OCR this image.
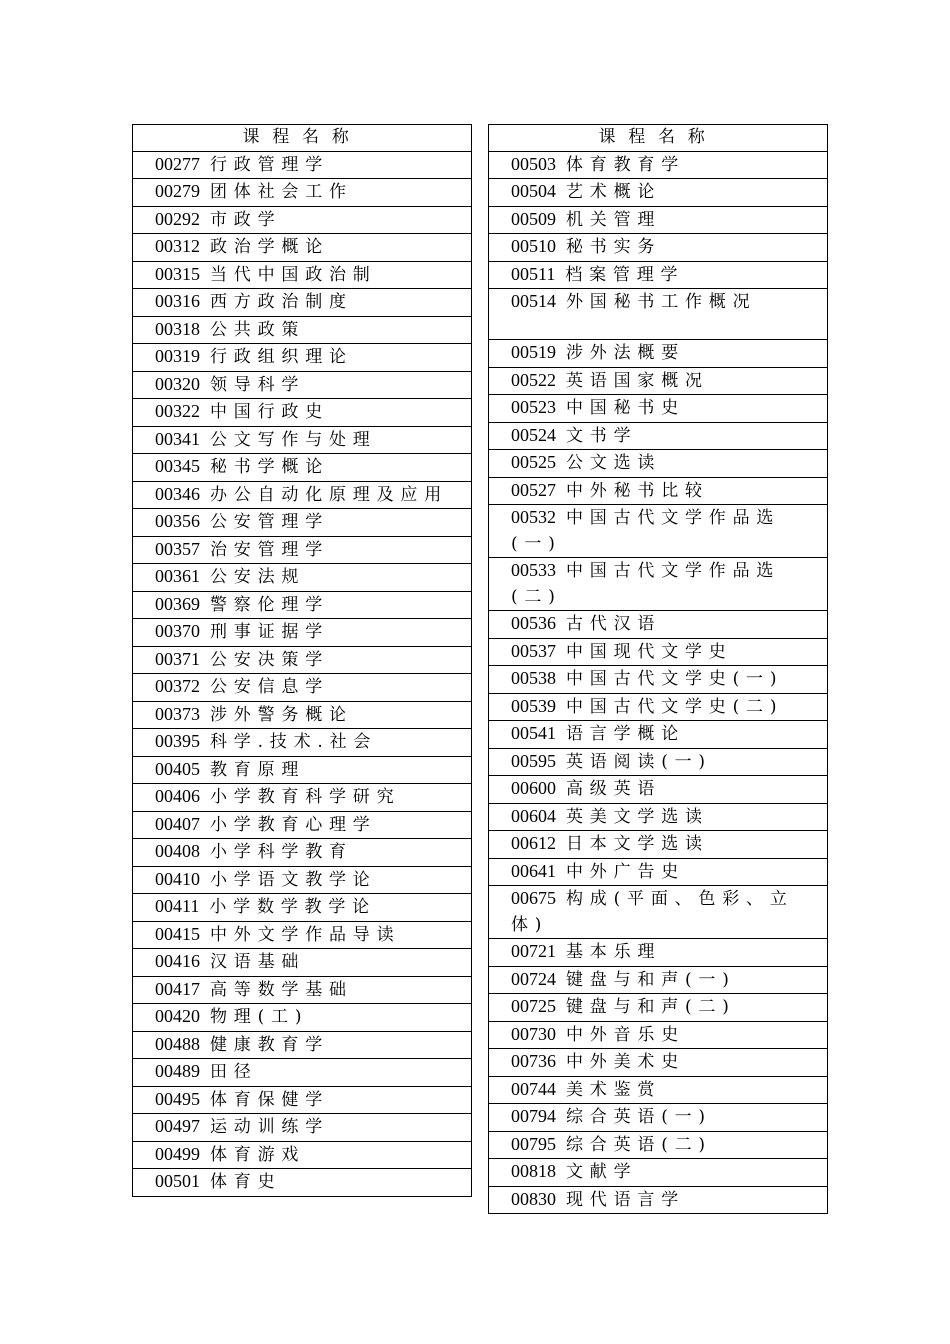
课程名称
00277 行政管理学
00279 团体社会工作
00292 市政学
00312 政治学概论
00315 当代中国政治制
00316 西方政治制度
00318 公共政策
00319 行政组织理论
00320 领导科学
00322 中国行政史
00341 公文写作与处理
00345 秘书学概论
00346 办公自动化原理及应用
00356 公安管理学
00357 治安管理学
00361 公安法规
00369 警察伦理学
00370 刑事证据学
00371 公安决策学
00372 公安信息学
00373 涉外警务概论
00395 科学.技术.社会
00405 教育原理
00406 小学教育科学研究
00407 小学教育心理学
00408 小学科学教育
00410 小学语文教学论
00411 小学数学教学论
00415 中外文学作品导读
00416 汉语基础
00417 高等数学基础
00420 物理(工)
00488 健康教育学
00489 田径
00495 体育保健学
00497 运动训练学
00499 体育游戏
00501 体育史
课程名称
00503 体育教育学
00504 艺术概论
00509 机关管理
00510 秘书实务
00511 档案管理学
00514 外国秘书工作概况
00519 涉外法概要
00522 英语国家概况
00523 中国秘书史
00524 文书学
00525 公文选读
00527 中外秘书比较
00532 中国古代文学作品选(一)
00533 中国古代文学作品选(二)
00536 古代汉语
00537 中国现代文学史
00538 中国古代文学史(一)
00539 中国古代文学史(二)
00541 语言学概论
00595 英语阅读(一)
00600 高级英语
00604 英美文学选读
00612 日本文学选读
00641 中外广告史
00675 构成(平面、色彩、立体)
00721 基本乐理
00724 键盘与和声(一)
00725 键盘与和声(二)
00730 中外音乐史
00736 中外美术史
00744 美术鉴赏
00794 综合英语(一)
00795 综合英语(二)
00818 文献学
00830 现代语言学
